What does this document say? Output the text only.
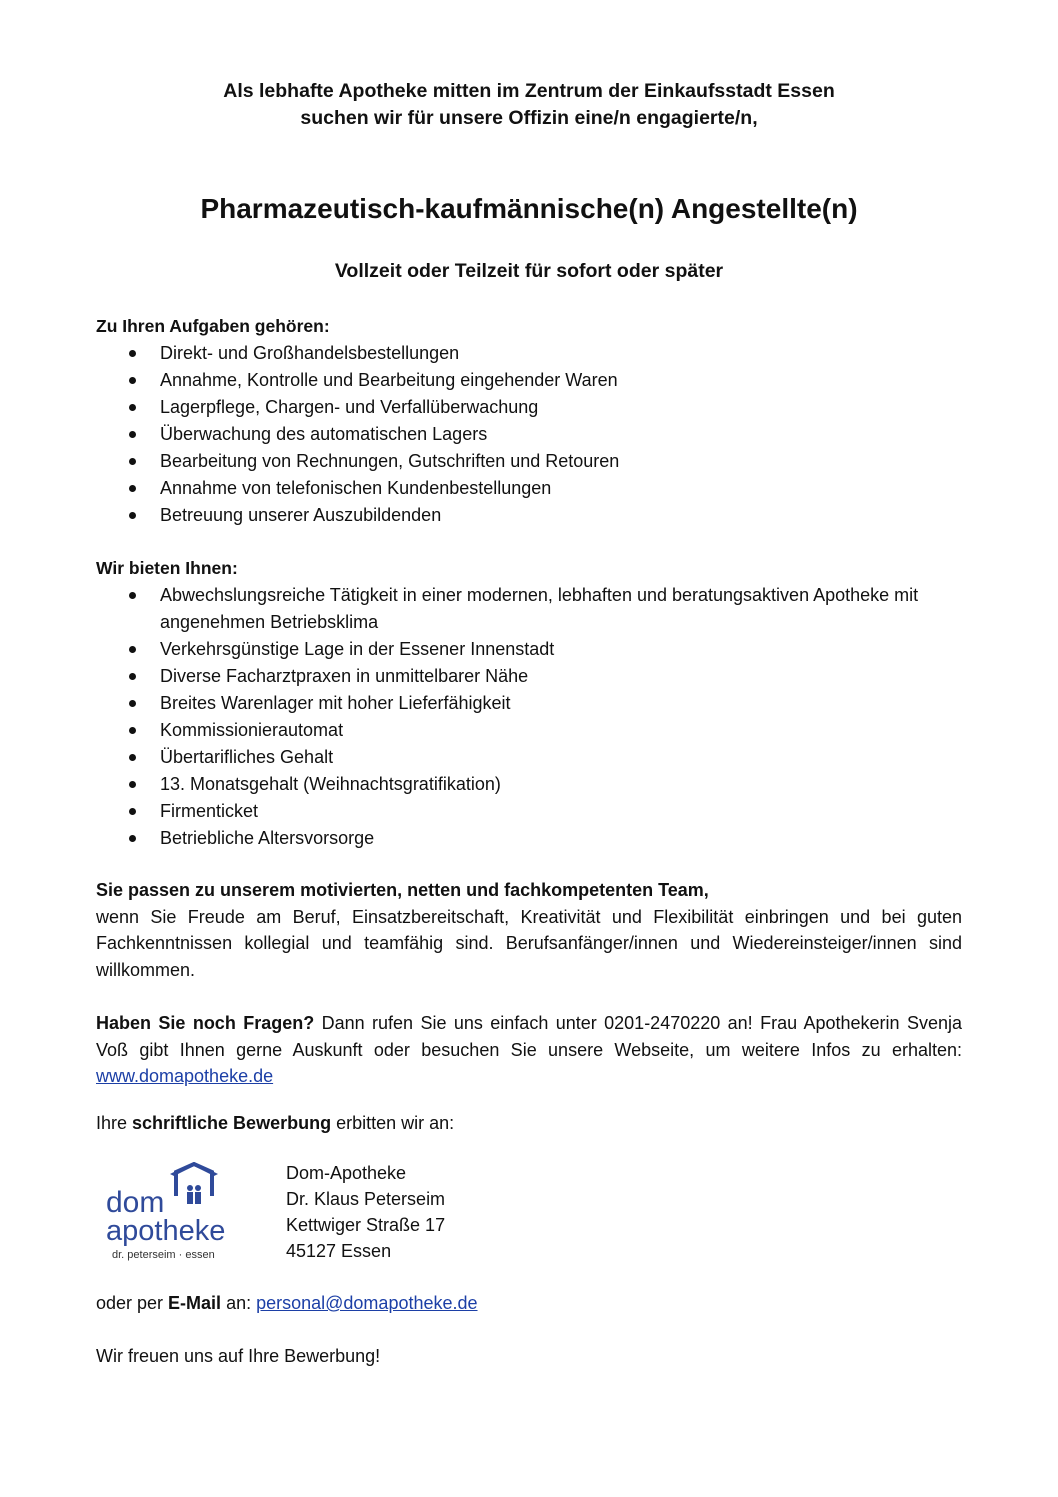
Als lebhafte Apotheke mitten im Zentrum der Einkaufsstadt Essen
suchen wir für unsere Offizin eine/n engagierte/n,
Pharmazeutisch-kaufmännische(n) Angestellte(n)
Vollzeit oder Teilzeit für sofort oder später
Zu Ihren Aufgaben gehören:
Direkt- und Großhandelsbestellungen
Annahme, Kontrolle und Bearbeitung eingehender Waren
Lagerpflege, Chargen- und Verfallüberwachung
Überwachung des automatischen Lagers
Bearbeitung von Rechnungen, Gutschriften und Retouren
Annahme von telefonischen Kundenbestellungen
Betreuung unserer Auszubildenden
Wir bieten Ihnen:
Abwechslungsreiche Tätigkeit in einer modernen, lebhaften und beratungsaktiven Apotheke mit angenehmen Betriebsklima
Verkehrsgünstige Lage in der Essener Innenstadt
Diverse Facharztpraxen in unmittelbarer Nähe
Breites Warenlager mit hoher Lieferfähigkeit
Kommissionierautomat
Übertarifliches Gehalt
13. Monatsgehalt (Weihnachtsgratifikation)
Firmenticket
Betriebliche Altersvorsorge
Sie passen zu unserem motivierten, netten und fachkompetenten Team,
wenn Sie Freude am Beruf, Einsatzbereitschaft, Kreativität und Flexibilität einbringen und bei guten Fachkenntnissen kollegial und teamfähig sind. Berufsanfänger/innen und Wiedereinsteiger/innen sind willkommen.
Haben Sie noch Fragen? Dann rufen Sie uns einfach unter 0201-2470220 an! Frau Apothekerin Svenja Voß gibt Ihnen gerne Auskunft oder besuchen Sie unsere Webseite, um weitere Infos zu erhalten: www.domapotheke.de
Ihre schriftliche Bewerbung erbitten wir an:
dom
apotheke
dr. peterseim · essen
Dom-Apotheke
Dr. Klaus Peterseim
Kettwiger Straße 17
45127 Essen
oder per E-Mail an: personal@domapotheke.de
Wir freuen uns auf Ihre Bewerbung!
